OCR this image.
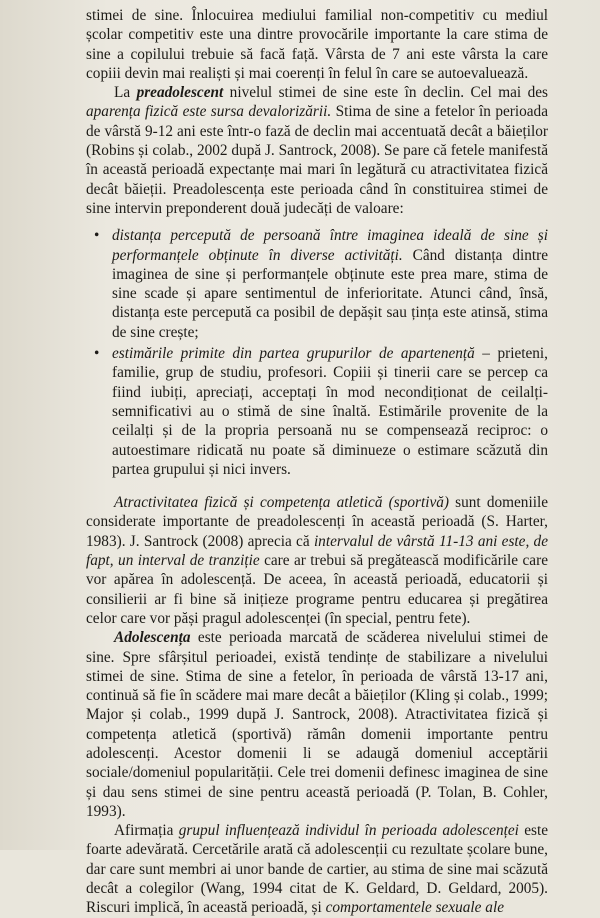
stimei de sine. Înlocuirea mediului familial non-competitiv cu mediul școlar competitiv este una dintre provocările importante la care stima de sine a copilului trebuie să facă față. Vârsta de 7 ani este vârsta la care copiii devin mai realiști și mai coerenți în felul în care se autoevaluează.

La preadolescent nivelul stimei de sine este în declin. Cel mai des aparența fizică este sursa devalorizării. Stima de sine a fetelor în perioada de vârstă 9-12 ani este într-o fază de declin mai accentuată decât a băieților (Robins și colab., 2002 după J. Santrock, 2008). Se pare că fetele manifestă în această perioadă expectanțe mai mari în legătură cu atractivitatea fizică decât băieții. Preadolescența este perioada când în constituirea stimei de sine intervin preponderent două judecăți de valoare:

• distanța percepută de persoană între imaginea ideală de sine și performanțele obținute în diverse activități. Când distanța dintre imaginea de sine și performanțele obținute este prea mare, stima de sine scade și apare sentimentul de inferioritate. Atunci când, însă, distanța este percepută ca posibil de depășit sau țința este atinsă, stima de sine crește;
• estimările primite din partea grupurilor de apartenență – prieteni, familie, grup de studiu, profesori. Copiii și tinerii care se percep ca fiind iubiți, apreciați, acceptați în mod necondiționat de ceilalți-semnificativi au o stimă de sine înaltă. Estimările provenite de la ceilalți și de la propria persoană nu se compensează reciproc: o autoestimare ridicată nu poate să diminueze o estimare scăzută din partea grupului și nici invers.

Atractivitatea fizică și competența atletică (sportivă) sunt domeniile considerate importante de preadolescenți în această perioadă (S. Harter, 1983). J. Santrock (2008) aprecia că intervalul de vârstă 11-13 ani este, de fapt, un interval de tranziție care ar trebui să pregătească modificările care vor apărea în adolescență. De aceea, în această perioadă, educatorii și consilierii ar fi bine să inițieze programe pentru educarea și pregătirea celor care vor păși pragul adolescenței (în special, pentru fete).

Adolescența este perioada marcată de scăderea nivelului stimei de sine. Spre sfârșitul perioadei, există tendințe de stabilizare a nivelului stimei de sine. Stima de sine a fetelor, în perioada de vârstă 13-17 ani, continuă să fie în scădere mai mare decât a băieților (Kling și colab., 1999; Major și colab., 1999 după J. Santrock, 2008). Atractivitatea fizică și competența atletică (sportivă) rămân domenii importante pentru adolescenți. Acestor domenii li se adaugă domeniul acceptării sociale/domeniul popularității. Cele trei domenii definesc imaginea de sine și dau sens stimei de sine pentru această perioadă (P. Tolan, B. Cohler, 1993).

Afirmația grupul influențează individul în perioada adolescenței este foarte adevărată. Cercetările arată că adolescenții cu rezultate școlare bune, dar care sunt membri ai unor bande de cartier, au stima de sine mai scăzută decât a colegilor (Wang, 1994 citat de K. Geldard, D. Geldard, 2005). Riscuri implică, în această perioadă, și comportamentele sexuale ale
